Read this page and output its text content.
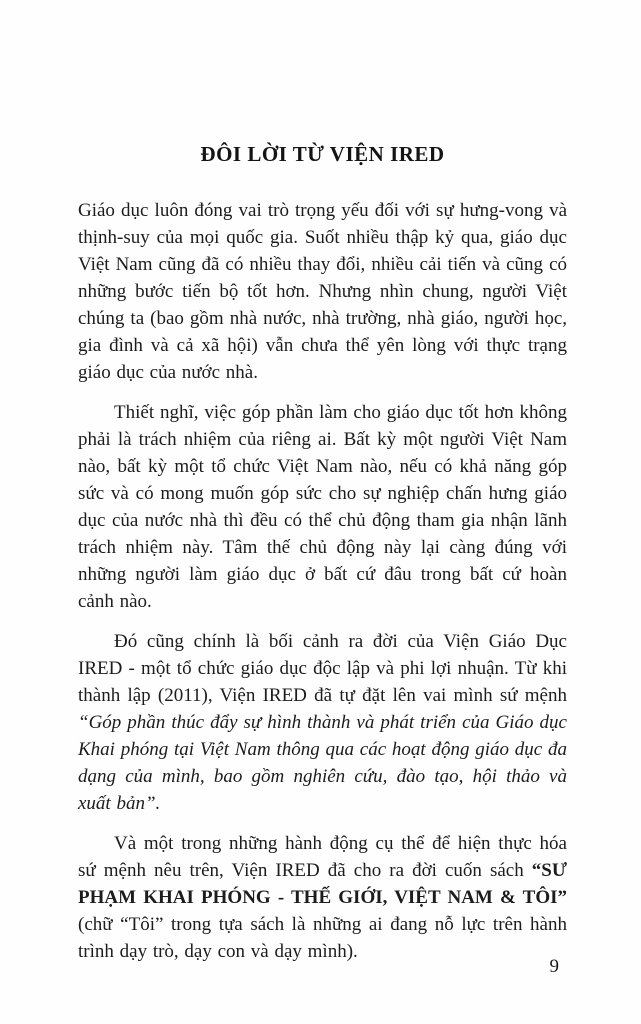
ĐÔI LỜI TỪ VIỆN IRED

Giáo dục luôn đóng vai trò trọng yếu đối với sự hưng-vong và thịnh-suy của mọi quốc gia. Suốt nhiều thập kỷ qua, giáo dục Việt Nam cũng đã có nhiều thay đổi, nhiều cải tiến và cũng có những bước tiến bộ tốt hơn. Nhưng nhìn chung, người Việt chúng ta (bao gồm nhà nước, nhà trường, nhà giáo, người học, gia đình và cả xã hội) vẫn chưa thể yên lòng với thực trạng giáo dục của nước nhà.

Thiết nghĩ, việc góp phần làm cho giáo dục tốt hơn không phải là trách nhiệm của riêng ai. Bất kỳ một người Việt Nam nào, bất kỳ một tổ chức Việt Nam nào, nếu có khả năng góp sức và có mong muốn góp sức cho sự nghiệp chấn hưng giáo dục của nước nhà thì đều có thể chủ động tham gia nhận lãnh trách nhiệm này. Tâm thế chủ động này lại càng đúng với những người làm giáo dục ở bất cứ đâu trong bất cứ hoàn cảnh nào.

Đó cũng chính là bối cảnh ra đời của Viện Giáo Dục IRED - một tổ chức giáo dục độc lập và phi lợi nhuận. Từ khi thành lập (2011), Viện IRED đã tự đặt lên vai mình sứ mệnh “Góp phần thúc đẩy sự hình thành và phát triển của Giáo dục Khai phóng tại Việt Nam thông qua các hoạt động giáo dục đa dạng của mình, bao gồm nghiên cứu, đào tạo, hội thảo và xuất bản”.

Và một trong những hành động cụ thể để hiện thực hóa sứ mệnh nêu trên, Viện IRED đã cho ra đời cuốn sách “SƯ PHẠM KHAI PHÓNG - THẾ GIỚI, VIỆT NAM & TÔI” (chữ “Tôi” trong tựa sách là những ai đang nỗ lực trên hành trình dạy trò, dạy con và dạy mình).

9
